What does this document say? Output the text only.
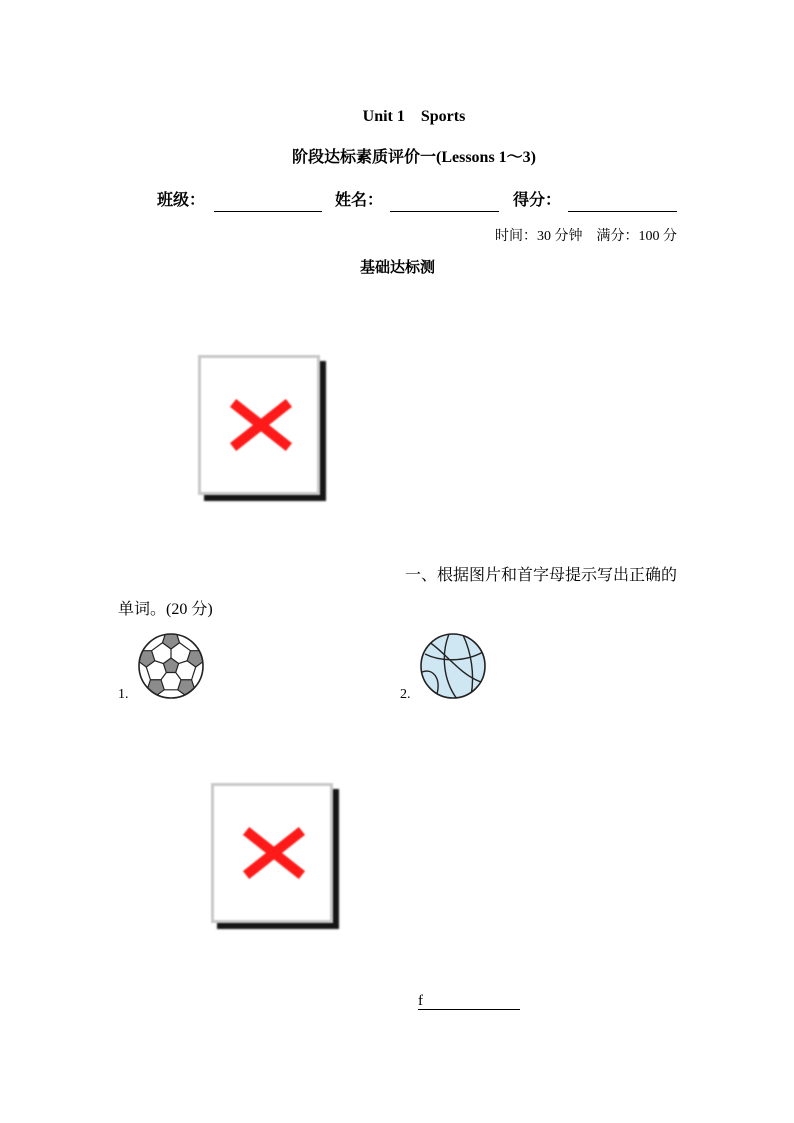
Unit 1　Sports
阶段达标素质评价一(Lessons 1～3)
班级：	姓名：	得分：
时间：30 分钟　满分：100 分
基础达标测
一、根据图片和首字母提示写出正确的
单词。(20 分)
1.	2.
f
